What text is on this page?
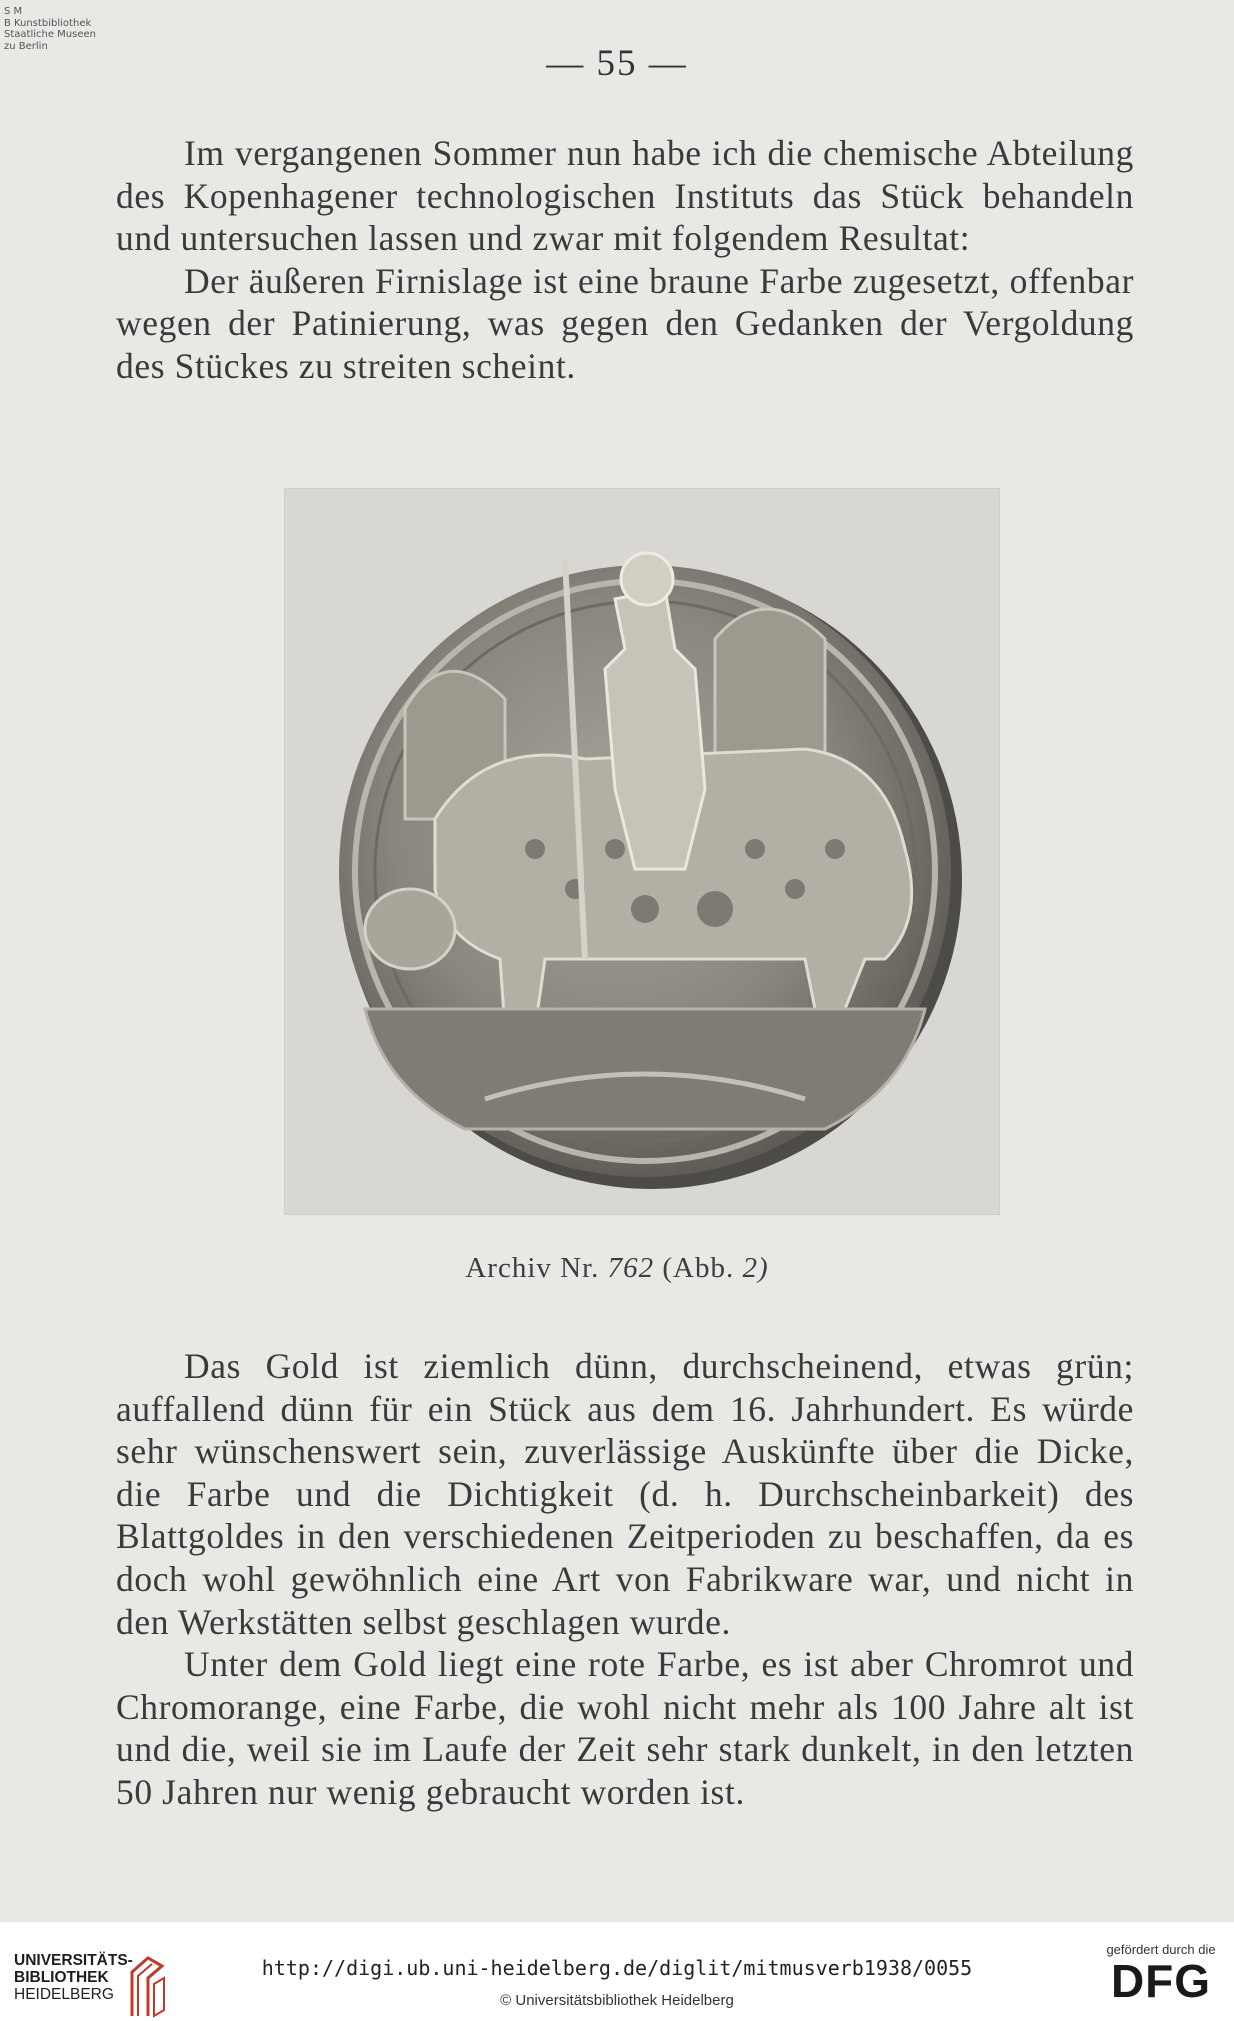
S M
B Kunstbibliothek
Staatliche Museen
zu Berlin	— 55 —

Im vergangenen Sommer nun habe ich die chemische Abteilung des Kopenhagener technologischen Instituts das Stück behandeln und untersuchen lassen und zwar mit folgendem Resultat:

Der äußeren Firnislage ist eine braune Farbe zugesetzt, offenbar wegen der Patinierung, was gegen den Gedanken der Vergoldung des Stückes zu streiten scheint.

Archiv Nr. 762 (Abb. 2)

Das Gold ist ziemlich dünn, durchscheinend, etwas grün; auffallend dünn für ein Stück aus dem 16. Jahrhundert. Es würde sehr wünschenswert sein, zuverlässige Auskünfte über die Dicke, die Farbe und die Dichtigkeit (d. h. Durchscheinbarkeit) des Blattgoldes in den verschiedenen Zeitperioden zu beschaffen, da es doch wohl gewöhnlich eine Art von Fabrikware war, und nicht in den Werkstätten selbst geschlagen wurde.

Unter dem Gold liegt eine rote Farbe, es ist aber Chromrot und Chromorange, eine Farbe, die wohl nicht mehr als 100 Jahre alt ist und die, weil sie im Laufe der Zeit sehr stark dunkelt, in den letzten 50 Jahren nur wenig gebraucht worden ist.

UNIVERSITÄTS-
BIBLIOTHEK
HEIDELBERG
http://digi.ub.uni-heidelberg.de/diglit/mitmusverb1938/0055
© Universitätsbibliothek Heidelberg
gefördert durch die
DFG
